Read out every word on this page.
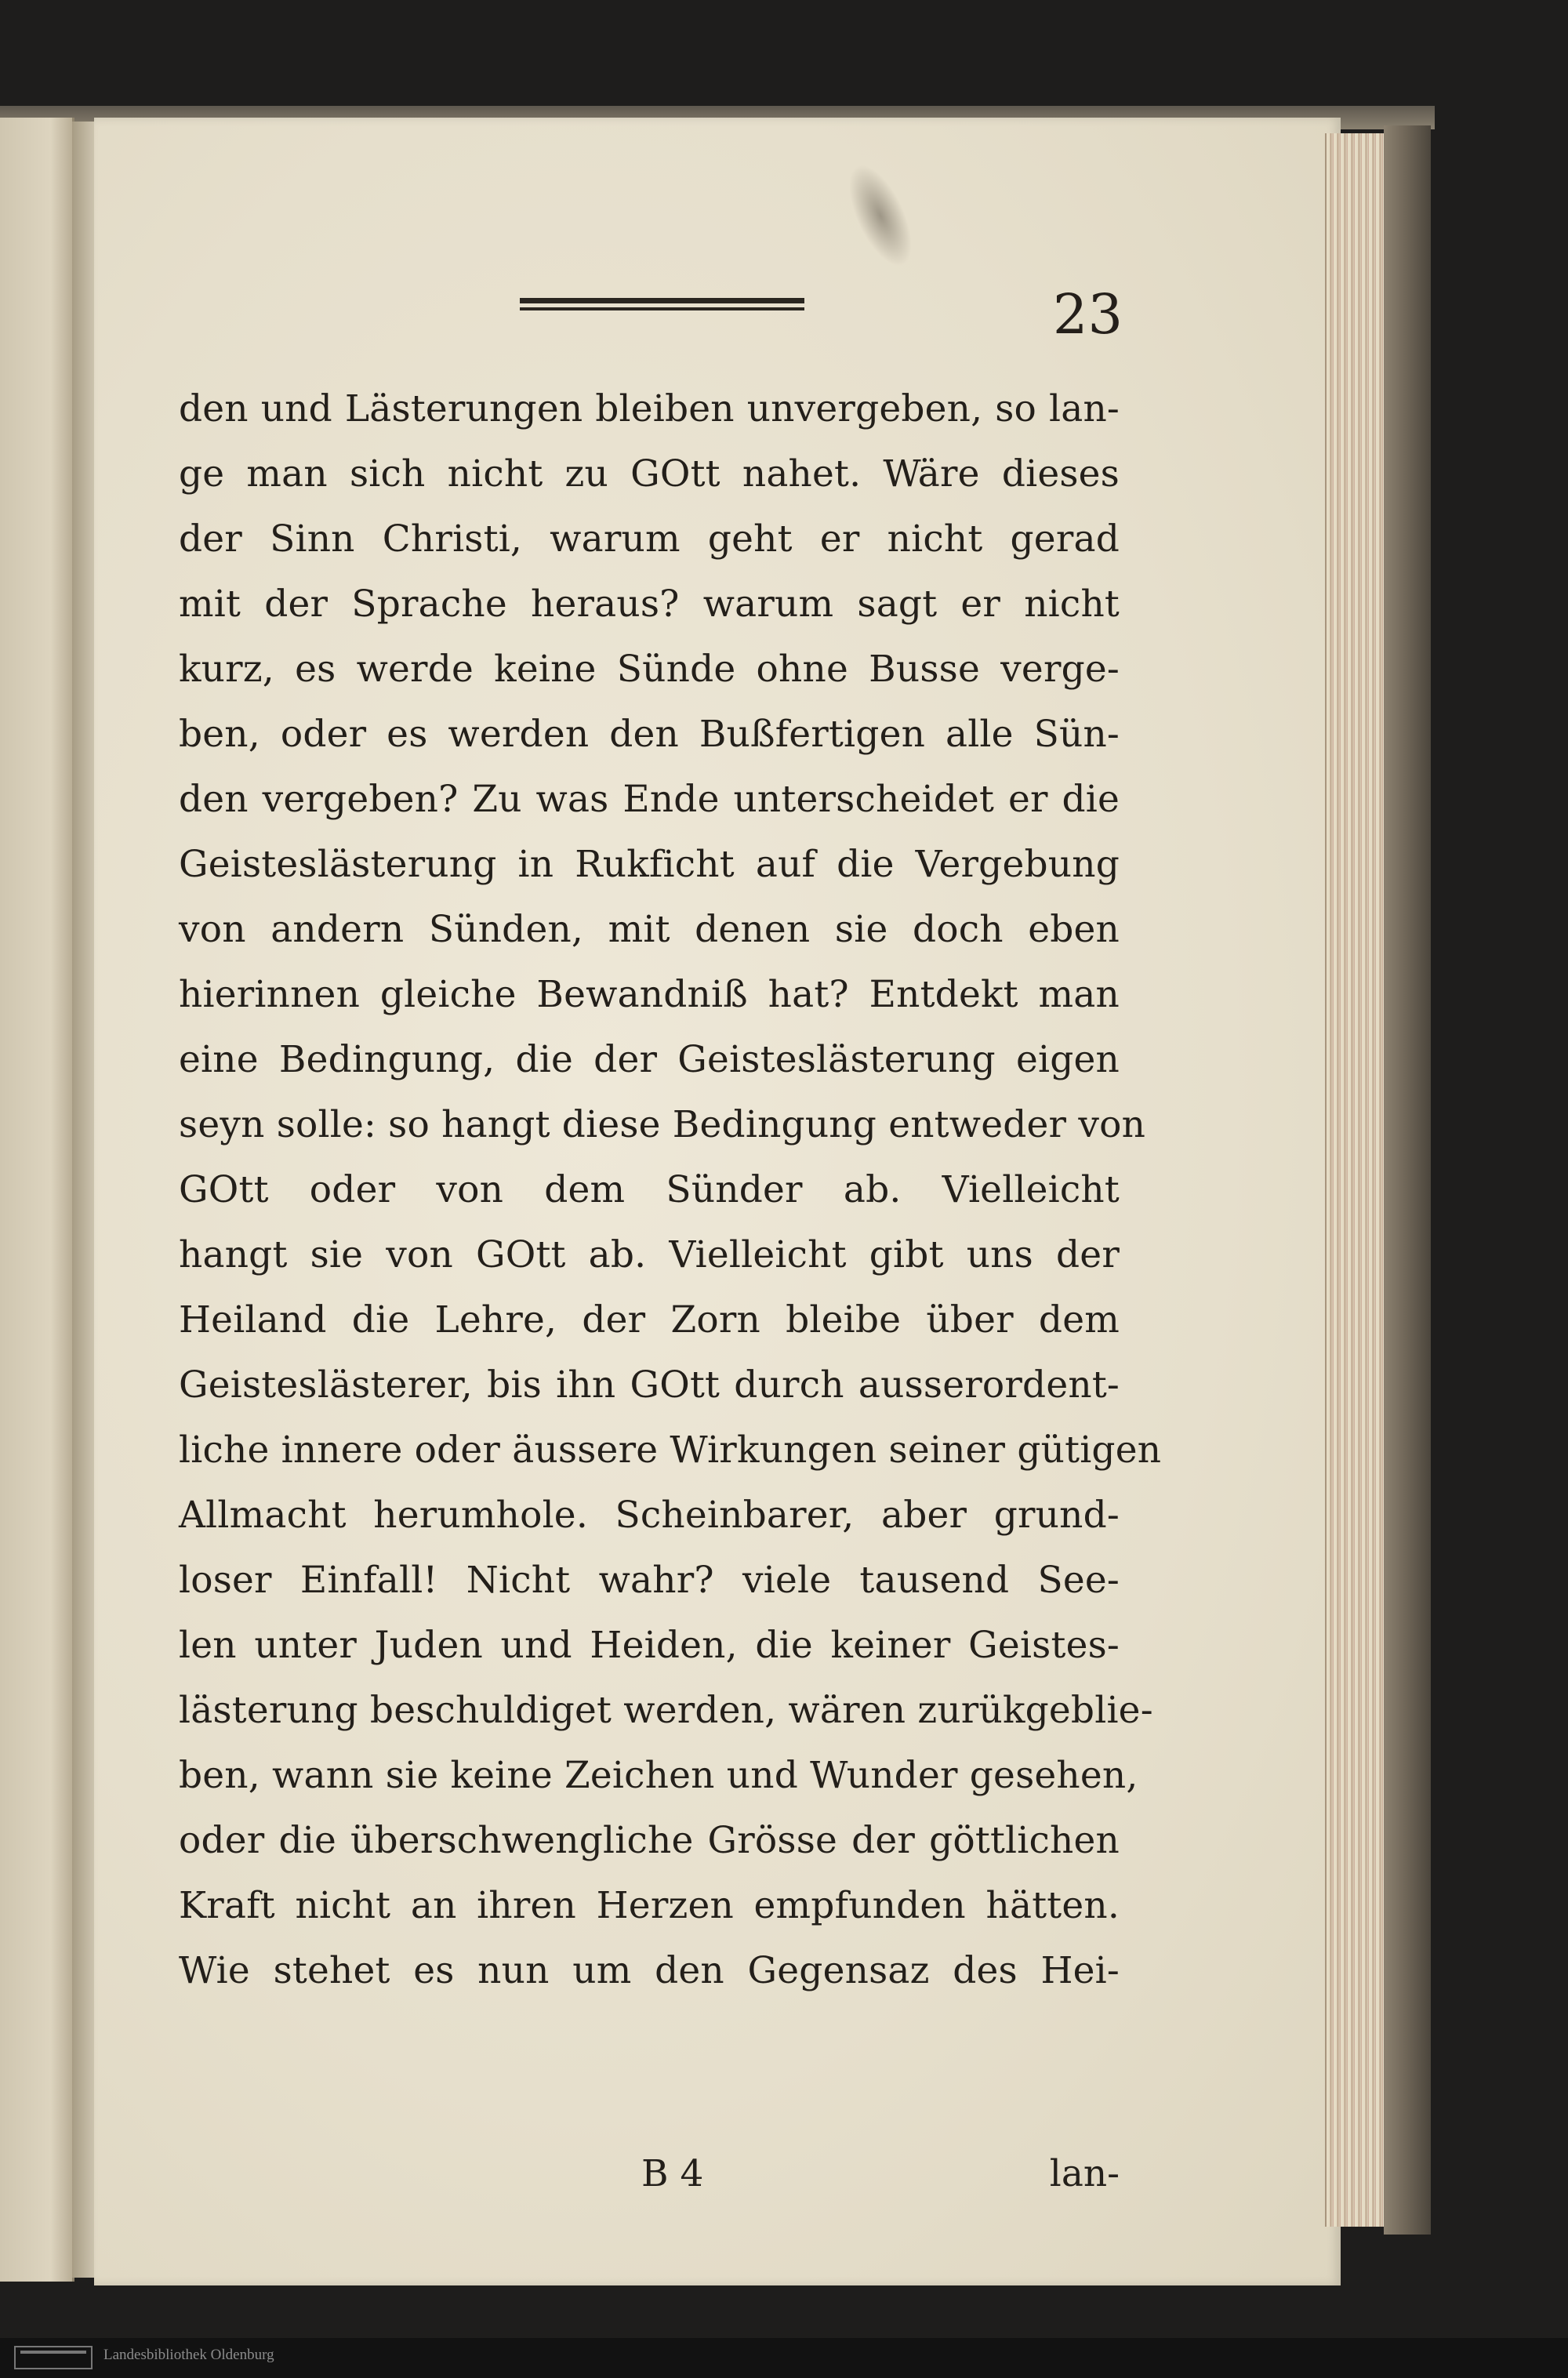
23
den und Lästerungen bleiben unvergeben, so lan-
ge man sich nicht zu GOtt nahet. Wäre dieses
der Sinn Christi, warum geht er nicht gerad
mit der Sprache heraus? warum sagt er nicht
kurz, es werde keine Sünde ohne Busse verge-
ben, oder es werden den Bußfertigen alle Sün-
den vergeben? Zu was Ende unterscheidet er die
Geisteslästerung in Rukficht auf die Vergebung
von andern Sünden, mit denen sie doch eben
hierinnen gleiche Bewandniß hat? Entdekt man
eine Bedingung, die der Geisteslästerung eigen
seyn solle: so hangt diese Bedingung entweder von
GOtt oder von dem Sünder ab. Vielleicht
hangt sie von GOtt ab. Vielleicht gibt uns der
Heiland die Lehre, der Zorn bleibe über dem
Geisteslästerer, bis ihn GOtt durch ausserordent-
liche innere oder äussere Wirkungen seiner gütigen
Allmacht herumhole. Scheinbarer, aber grund-
loser Einfall! Nicht wahr? viele tausend See-
len unter Juden und Heiden, die keiner Geistes-
lästerung beschuldiget werden, wären zurükgeblie-
ben, wann sie keine Zeichen und Wunder gesehen,
oder die überschwengliche Grösse der göttlichen
Kraft nicht an ihren Herzen empfunden hätten.
Wie stehet es nun um den Gegensaz des Hei-
B 4	lan-
Landesbibliothek Oldenburg
